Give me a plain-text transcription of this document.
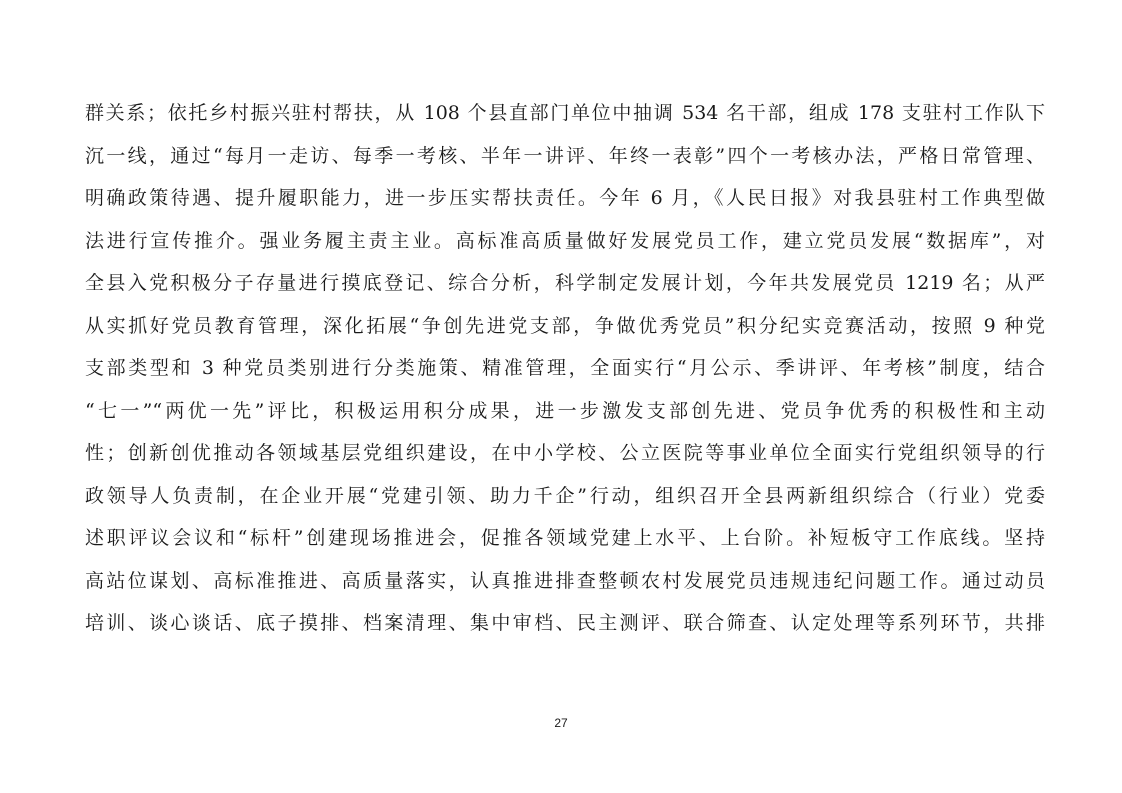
群关系；依托乡村振兴驻村帮扶，从 108 个县直部门单位中抽调 534 名干部，组成 178 支驻村工作队下
沉一线，通过“每月一走访、每季一考核、半年一讲评、年终一表彰”四个一考核办法，严格日常管理、
明确政策待遇、提升履职能力，进一步压实帮扶责任。今年 6 月，《人民日报》对我县驻村工作典型做
法进行宣传推介。强业务履主责主业。高标准高质量做好发展党员工作，建立党员发展“数据库”，对
全县入党积极分子存量进行摸底登记、综合分析，科学制定发展计划，今年共发展党员 1219 名；从严
从实抓好党员教育管理，深化拓展“争创先进党支部，争做优秀党员”积分纪实竞赛活动，按照 9 种党
支部类型和 3 种党员类别进行分类施策、精准管理，全面实行“月公示、季讲评、年考核”制度，结合
“七一”“两优一先”评比，积极运用积分成果，进一步激发支部创先进、党员争优秀的积极性和主动
性；创新创优推动各领域基层党组织建设，在中小学校、公立医院等事业单位全面实行党组织领导的行
政领导人负责制，在企业开展“党建引领、助力千企”行动，组织召开全县两新组织综合（行业）党委
述职评议会议和“标杆”创建现场推进会，促推各领域党建上水平、上台阶。补短板守工作底线。坚持
高站位谋划、高标准推进、高质量落实，认真推进排查整顿农村发展党员违规违纪问题工作。通过动员
培训、谈心谈话、底子摸排、档案清理、集中审档、民主测评、联合筛查、认定处理等系列环节，共排
27
